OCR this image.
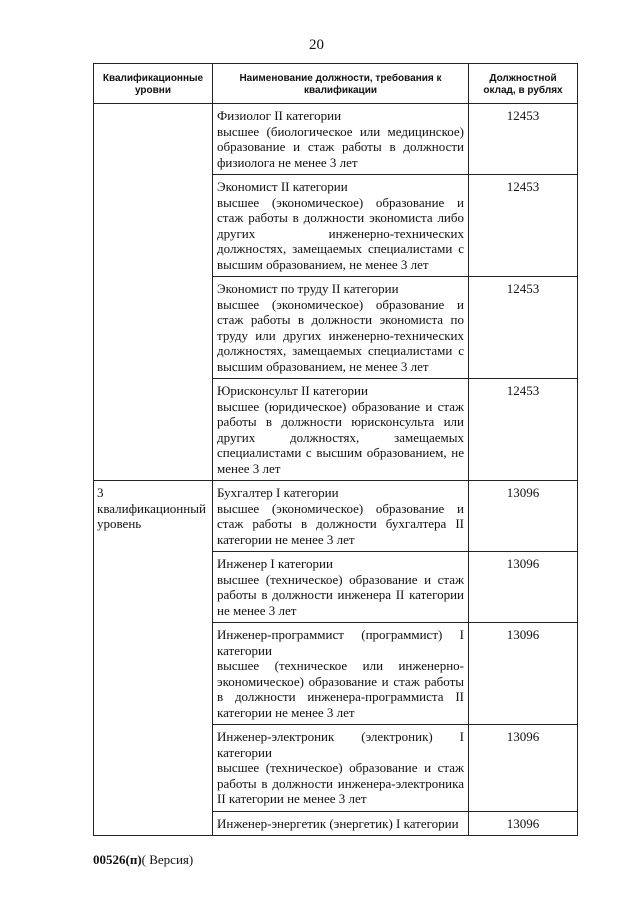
20
Квалификационные уровни	Наименование должности, требования к квалификации	Должностной оклад, в рублях

	Физиолог II категории
высшее (биологическое или медицинское) образование и стаж работы в должности физиолога не менее 3 лет	12453

	Экономист II категории
высшее (экономическое) образование и стаж работы в должности экономиста либо других инженерно-технических должностях, замещаемых специалистами с высшим образованием, не менее 3 лет	12453

	Экономист по труду II категории
высшее (экономическое) образование и стаж работы в должности экономиста по труду или других инженерно-технических должностях, замещаемых специалистами с высшим образованием, не менее 3 лет	12453

	Юрисконсульт II категории
высшее (юридическое) образование и стаж работы в должности юрисконсульта или других должностях, замещаемых специалистами с высшим образованием, не менее 3 лет	12453
3 квалификационный уровень	Бухгалтер I категории
высшее (экономическое) образование и стаж работы в должности бухгалтера II категории не менее 3 лет	13096

	Инженер I категории
высшее (техническое) образование и стаж работы в должности инженера II категории не менее 3 лет	13096

	Инженер-программист (программист) I категории
высшее (техническое или инженерно-экономическое) образование и стаж работы в должности инженера-программиста II категории не менее 3 лет	13096

	Инженер-электроник (электроник) I категории
высшее (техническое) образование и стаж работы в должности инженера-электроника II категории не менее 3 лет	13096

	Инженер-энергетик (энергетик) I категории	13096
00526(п)( Версия)
